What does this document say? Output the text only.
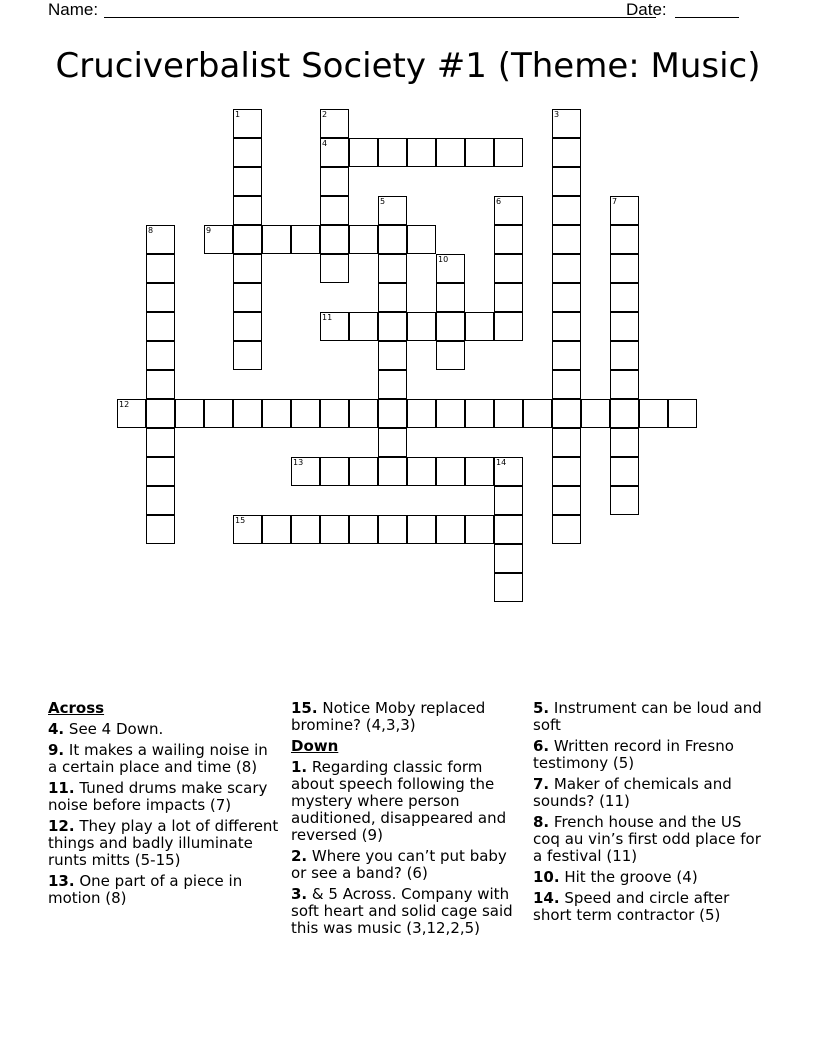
Name:	Date:
Cruciverbalist Society #1 (Theme: Music)
1	2
4
3
5	6	7
8	9
10
11
12
13	14
15
Across
4. See 4 Down.
9. It makes a wailing noise in a certain place and time (8)
11. Tuned drums make scary noise before impacts (7)
12. They play a lot of different things and badly illuminate runts mitts (5-15)
13. One part of a piece in motion (8)
15. Notice Moby replaced bromine? (4,3,3)
Down
1. Regarding classic form about speech following the mystery where person auditioned, disappeared and reversed (9)
2. Where you can’t put baby or see a band? (6)
3. & 5 Across. Company with soft heart and solid cage said this was music (3,12,2,5)
5. Instrument can be loud and soft
6. Written record in Fresno testimony (5)
7. Maker of chemicals and sounds? (11)
8. French house and the US coq au vin’s first odd place for a festival (11)
10. Hit the groove (4)
14. Speed and circle after short term contractor (5)
